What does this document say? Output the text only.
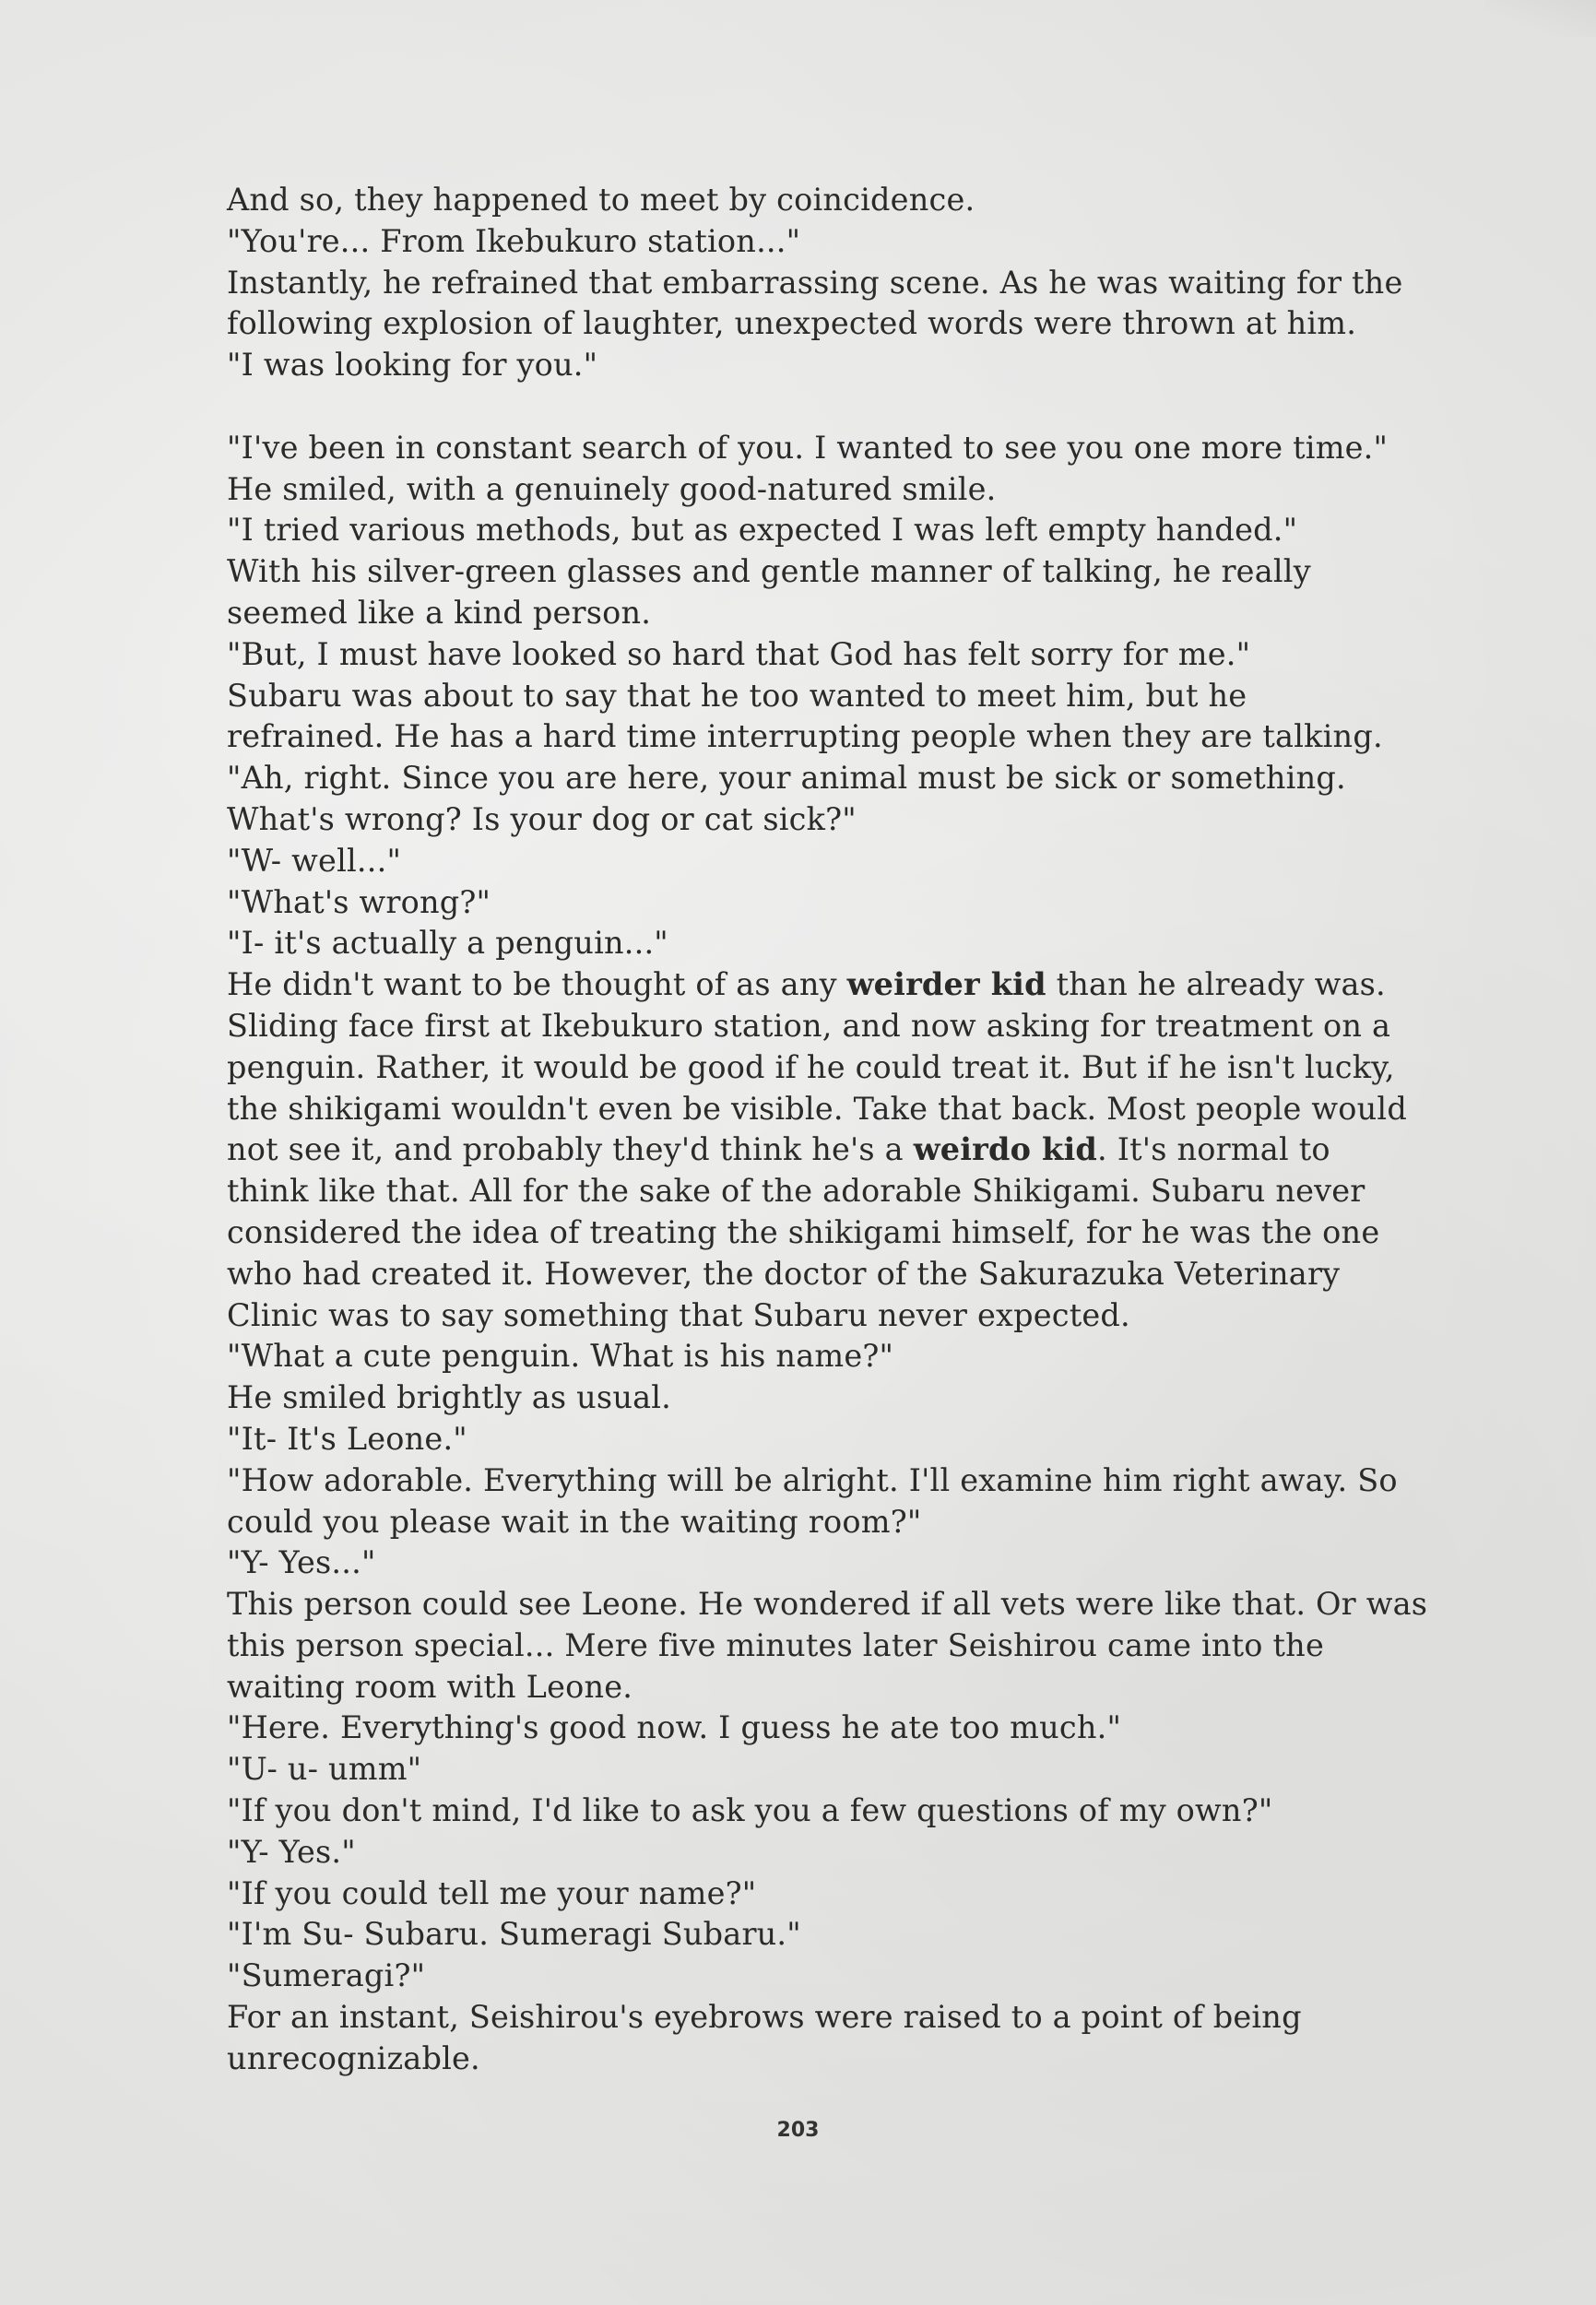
And so, they happened to meet by coincidence.
"You're... From Ikebukuro station..."
Instantly, he refrained that embarrassing scene. As he was waiting for the
following explosion of laughter, unexpected words were thrown at him.
"I was looking for you."
"I've been in constant search of you. I wanted to see you one more time."
He smiled, with a genuinely good-natured smile.
"I tried various methods, but as expected I was left empty handed."
With his silver-green glasses and gentle manner of talking, he really
seemed like a kind person.
"But, I must have looked so hard that God has felt sorry for me."
Subaru was about to say that he too wanted to meet him, but he
refrained. He has a hard time interrupting people when they are talking.
"Ah, right. Since you are here, your animal must be sick or something.
What's wrong? Is your dog or cat sick?"
"W- well..."
"What's wrong?"
"I- it's actually a penguin..."
He didn't want to be thought of as any weirder kid than he already was.
Sliding face first at Ikebukuro station, and now asking for treatment on a
penguin. Rather, it would be good if he could treat it. But if he isn't lucky,
the shikigami wouldn't even be visible. Take that back. Most people would
not see it, and probably they'd think he's a weirdo kid. It's normal to
think like that. All for the sake of the adorable Shikigami. Subaru never
considered the idea of treating the shikigami himself, for he was the one
who had created it. However, the doctor of the Sakurazuka Veterinary
Clinic was to say something that Subaru never expected.
"What a cute penguin. What is his name?"
He smiled brightly as usual.
"It- It's Leone."
"How adorable. Everything will be alright. I'll examine him right away. So
could you please wait in the waiting room?"
"Y- Yes..."
This person could see Leone. He wondered if all vets were like that. Or was
this person special... Mere five minutes later Seishirou came into the
waiting room with Leone.
"Here. Everything's good now. I guess he ate too much."
"U- u- umm"
"If you don't mind, I'd like to ask you a few questions of my own?"
"Y- Yes."
"If you could tell me your name?"
"I'm Su- Subaru. Sumeragi Subaru."
"Sumeragi?"
For an instant, Seishirou's eyebrows were raised to a point of being
unrecognizable.
203
